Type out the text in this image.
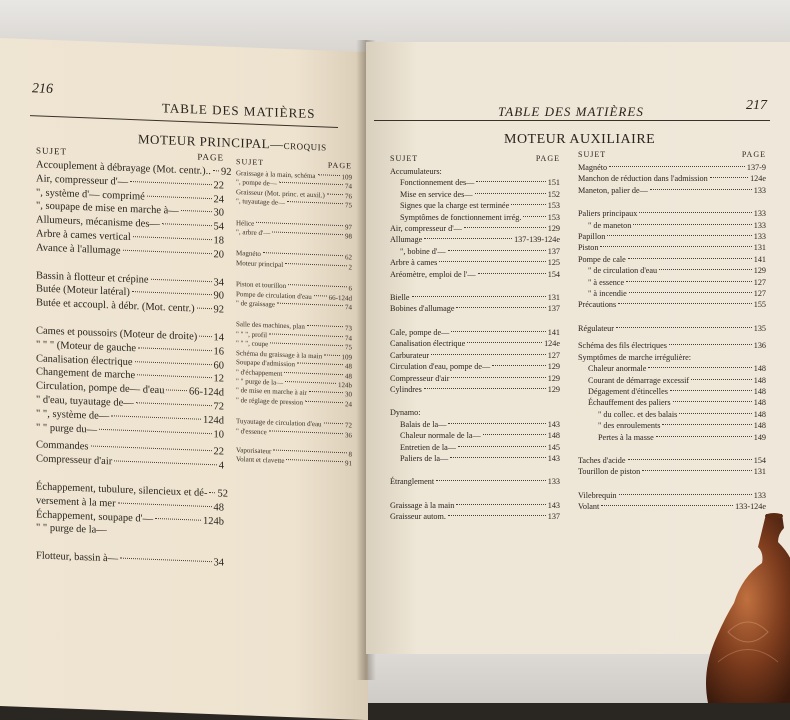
216
TABLE DES MATIÈRES
MOTEUR PRINCIPAL—CROQUIS
SUJET
PAGE
Accouplement à débrayage (Mot. centr.).. 92
Air, compresseur d'—	22
", système d'— comprimé	24
", soupape de mise en marche à—	30
Allumeurs, mécanisme des—	54
Arbre à cames vertical	18
Avance à l'allumage	20
Bassin à flotteur et crépine	34
Butée (Moteur latéral)	90
Butée et accoupl. à débr. (Mot. centr.) 92
Cames et poussoirs (Moteur de droite) 14
" " " (Moteur de gauche	16
Canalisation électrique	60
Changement de marche	12
Circulation, pompe de— d'eau 66-124d
" d'eau, tuyautage de—	72
" ", système de—	124d
" " purge du—	10
Commandes	22
Compresseur d'air	4
Échappement, tubulure, silencieux et dé- 52
versement à la mer	48
Échappement, soupape d'—	124b
" " purge de la—
Flotteur, bassin à—	34
SUJET	PAGE
Graissage à la main, schéma	109
", pompe de—	74
Graisseur (Mot. princ. et auxil.)	76
", tuyautage de—	75
Hélice	97
", arbre d'—	98
Magnéto	62
Moteur principal	2
Piston et tourillon	6
Pompe de circulation d'eau 66-124d
" de graissage	74
Salle des machines, plan	73
" " ", profil	74
" " ", coupe	75
Schéma du graissage à la main	109
Soupape d'admission	48
" d'échappement	48
" " purge de la—	124b
" de mise en marche à air	30
" de réglage de pression	24
Tuyautage de circulation d'eau	72
" d'essence	36
Vaporisateur	8
Volant et clavette	91
TABLE DES MATIÈRES	217
MOTEUR AUXILIAIRE
SUJET	PAGE
Accumulateurs:
Fonctionnement des—	151
Mise en service des—	152
Signes que la charge est terminée	153
Symptômes de fonctionnement irrég.	153
Air, compresseur d'—	129
Allumage	137-139-124e
", bobine d'—	137
Arbre à cames	125
Aréomètre, emploi de l'—	154
Bielle	131
Bobines d'allumage	137
Cale, pompe de—	141
Canalisation électrique	124e
Carburateur	127
Circulation d'eau, pompe de—	129
Compresseur d'air	129
Cylindres	129
Dynamo:
Balais de la—	143
Chaleur normale de la—	148
Entretien de la—	145
Paliers de la—	143
Étranglement	133
Graissage à la main	143
Graisseur autom.	137
SUJET	PAGE
Magnéto	137-9
Manchon de réduction dans l'admission	124e
Maneton, palier de—	133
Paliers principaux	133
" de maneton	133
Papillon	133
Piston	131
Pompe de cale	141
" de circulation d'eau	129
" à essence	127
" à incendie	127
Précautions	155
Régulateur	135
Schéma des fils électriques	136
Symptômes de marche irrégulière:
Chaleur anormale	148
Courant de démarrage excessif	148
Dégagement d'étincelles	148
Échauffement des paliers	148
" du collec. et des balais	148
" des enroulements	148
Pertes à la masse	149
Taches d'acide	154
Tourillon de piston	131
Vilebrequin	133
Volant	133-124e
